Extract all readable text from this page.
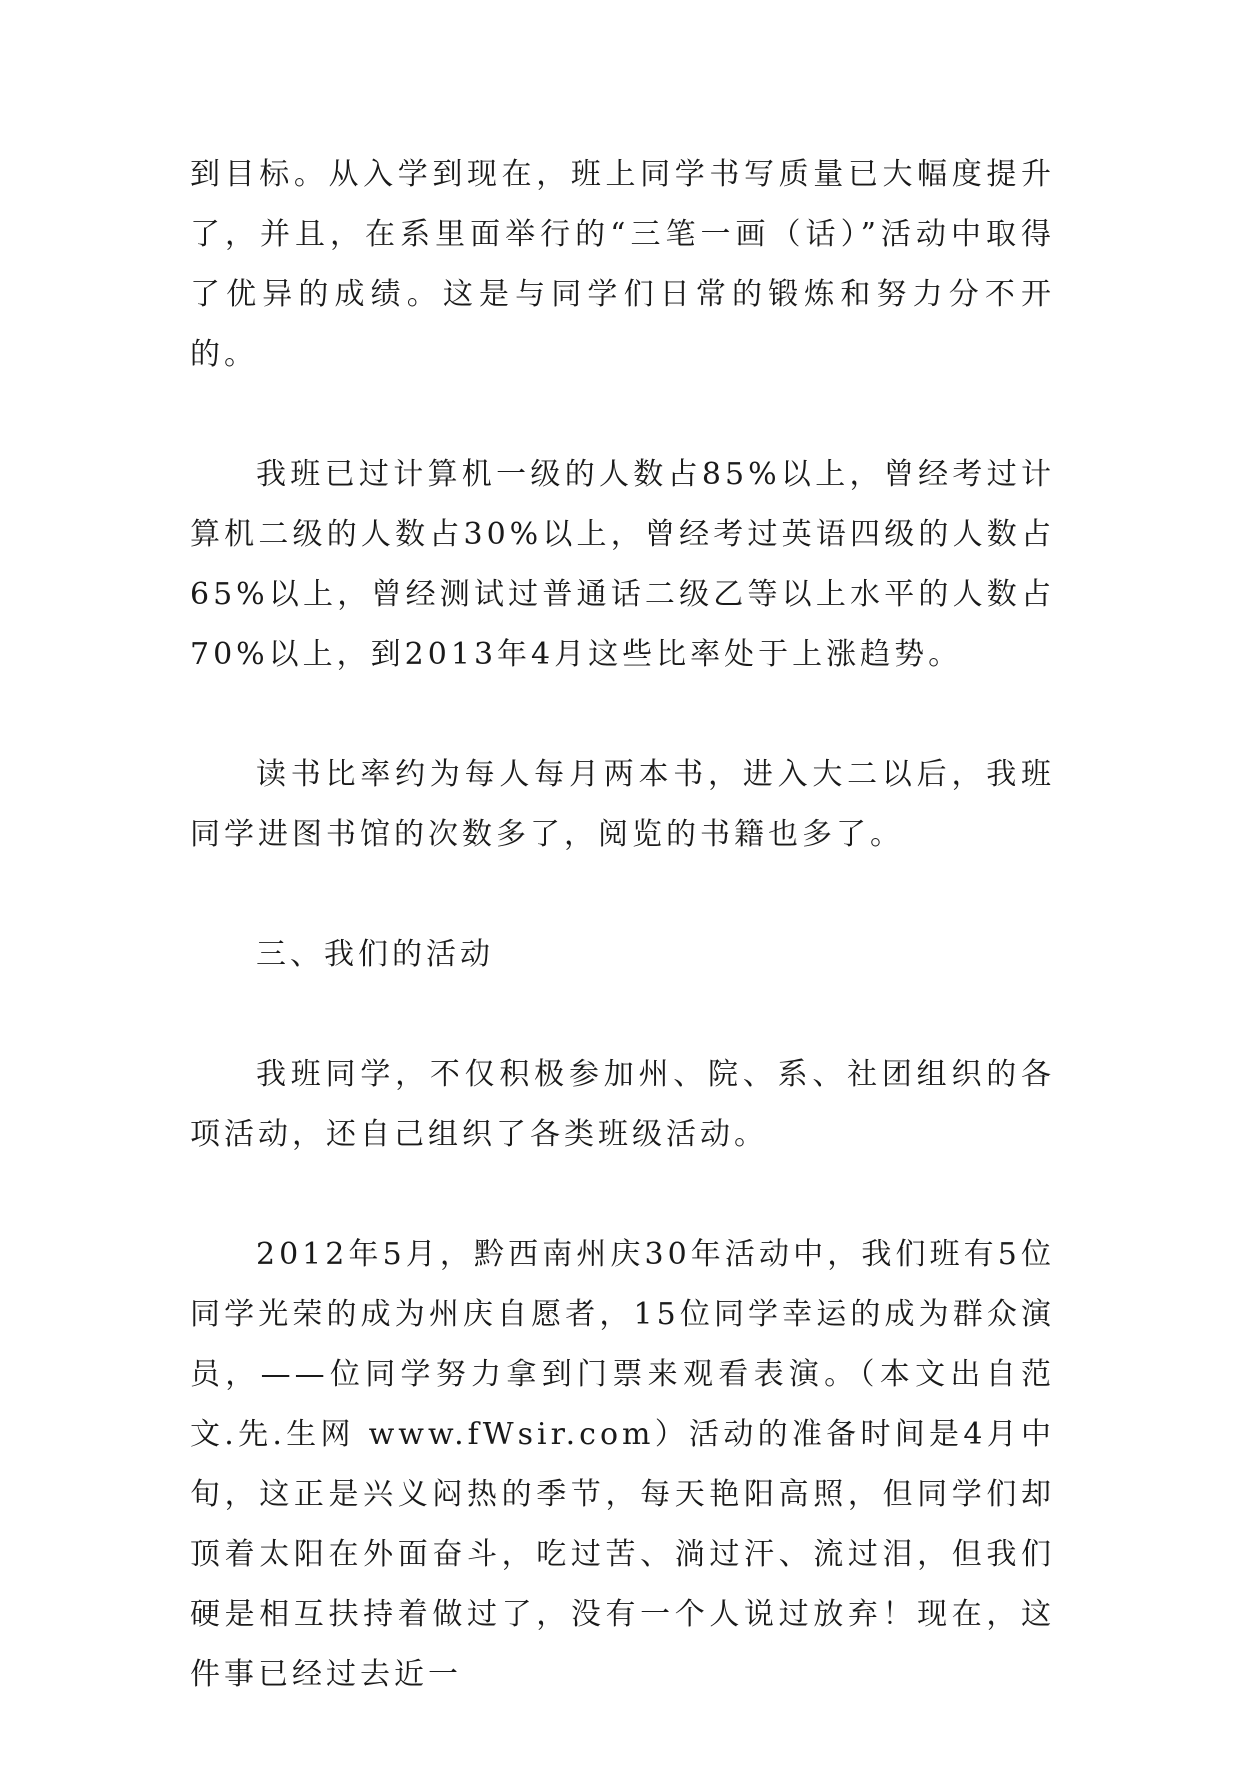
到目标。从入学到现在，班上同学书写质量已大幅度提升了，并且，在系里面举行的“三笔一画（话）”活动中取得了优异的成绩。这是与同学们日常的锻炼和努力分不开的。

我班已过计算机一级的人数占85%以上，曾经考过计算机二级的人数占30%以上，曾经考过英语四级的人数占65%以上，曾经测试过普通话二级乙等以上水平的人数占70%以上，到2013年4月这些比率处于上涨趋势。

读书比率约为每人每月两本书，进入大二以后，我班同学进图书馆的次数多了，阅览的书籍也多了。

三、我们的活动

我班同学，不仅积极参加州、院、系、社团组织的各项活动，还自己组织了各类班级活动。

2012年5月，黔西南州庆30年活动中，我们班有5位同学光荣的成为州庆自愿者，15位同学幸运的成为群众演员，——位同学努力拿到门票来观看表演。（本文出自范文.先.生网 www.fWsir.com）活动的准备时间是4月中旬，这正是兴义闷热的季节，每天艳阳高照，但同学们却顶着太阳在外面奋斗，吃过苦、淌过汗、流过泪，但我们硬是相互扶持着做过了，没有一个人说过放弃！现在，这件事已经过去近一
